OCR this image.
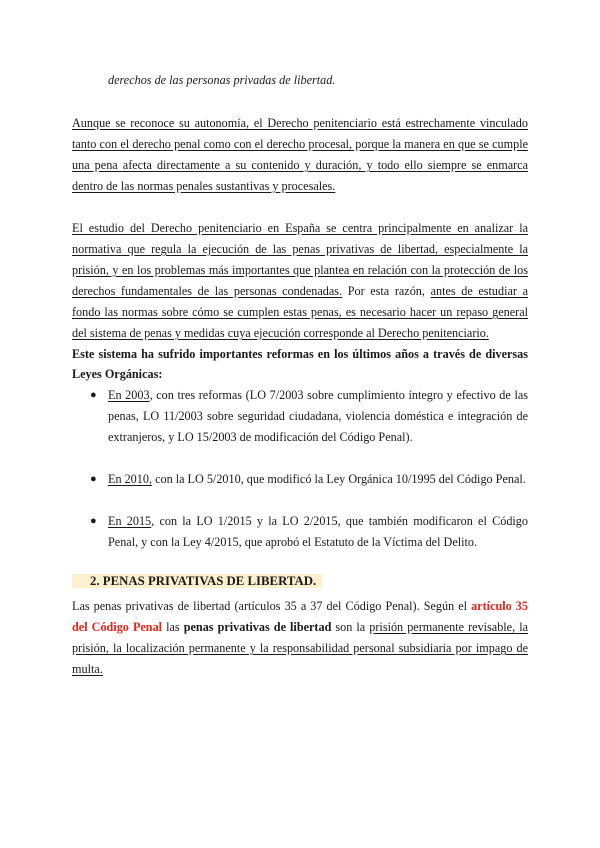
derechos de las personas privadas de libertad.

Aunque se reconoce su autonomía, el Derecho penitenciario está estrechamente vinculado tanto con el derecho penal como con el derecho procesal, porque la manera en que se cumple una pena afecta directamente a su contenido y duración, y todo ello siempre se enmarca dentro de las normas penales sustantivas y procesales.

El estudio del Derecho penitenciario en España se centra principalmente en analizar la normativa que regula la ejecución de las penas privativas de libertad, especialmente la prisión, y en los problemas más importantes que plantea en relación con la protección de los derechos fundamentales de las personas condenadas. Por esta razón, antes de estudiar a fondo las normas sobre cómo se cumplen estas penas, es necesario hacer un repaso general del sistema de penas y medidas cuya ejecución corresponde al Derecho penitenciario.

Este sistema ha sufrido importantes reformas en los últimos años a través de diversas Leyes Orgánicas:

● En 2003, con tres reformas (LO 7/2003 sobre cumplimiento íntegro y efectivo de las penas, LO 11/2003 sobre seguridad ciudadana, violencia doméstica e integración de extranjeros, y LO 15/2003 de modificación del Código Penal).

● En 2010, con la LO 5/2010, que modificó la Ley Orgánica 10/1995 del Código Penal.

● En 2015, con la LO 1/2015 y la LO 2/2015, que también modificaron el Código Penal, y con la Ley 4/2015, que aprobó el Estatuto de la Víctima del Delito.

2. PENAS PRIVATIVAS DE LIBERTAD.

Las penas privativas de libertad (artículos 35 a 37 del Código Penal). Según el artículo 35 del Código Penal las penas privativas de libertad son la prisión permanente revisable, la prisión, la localización permanente y la responsabilidad personal subsidiaria por impago de multa.
